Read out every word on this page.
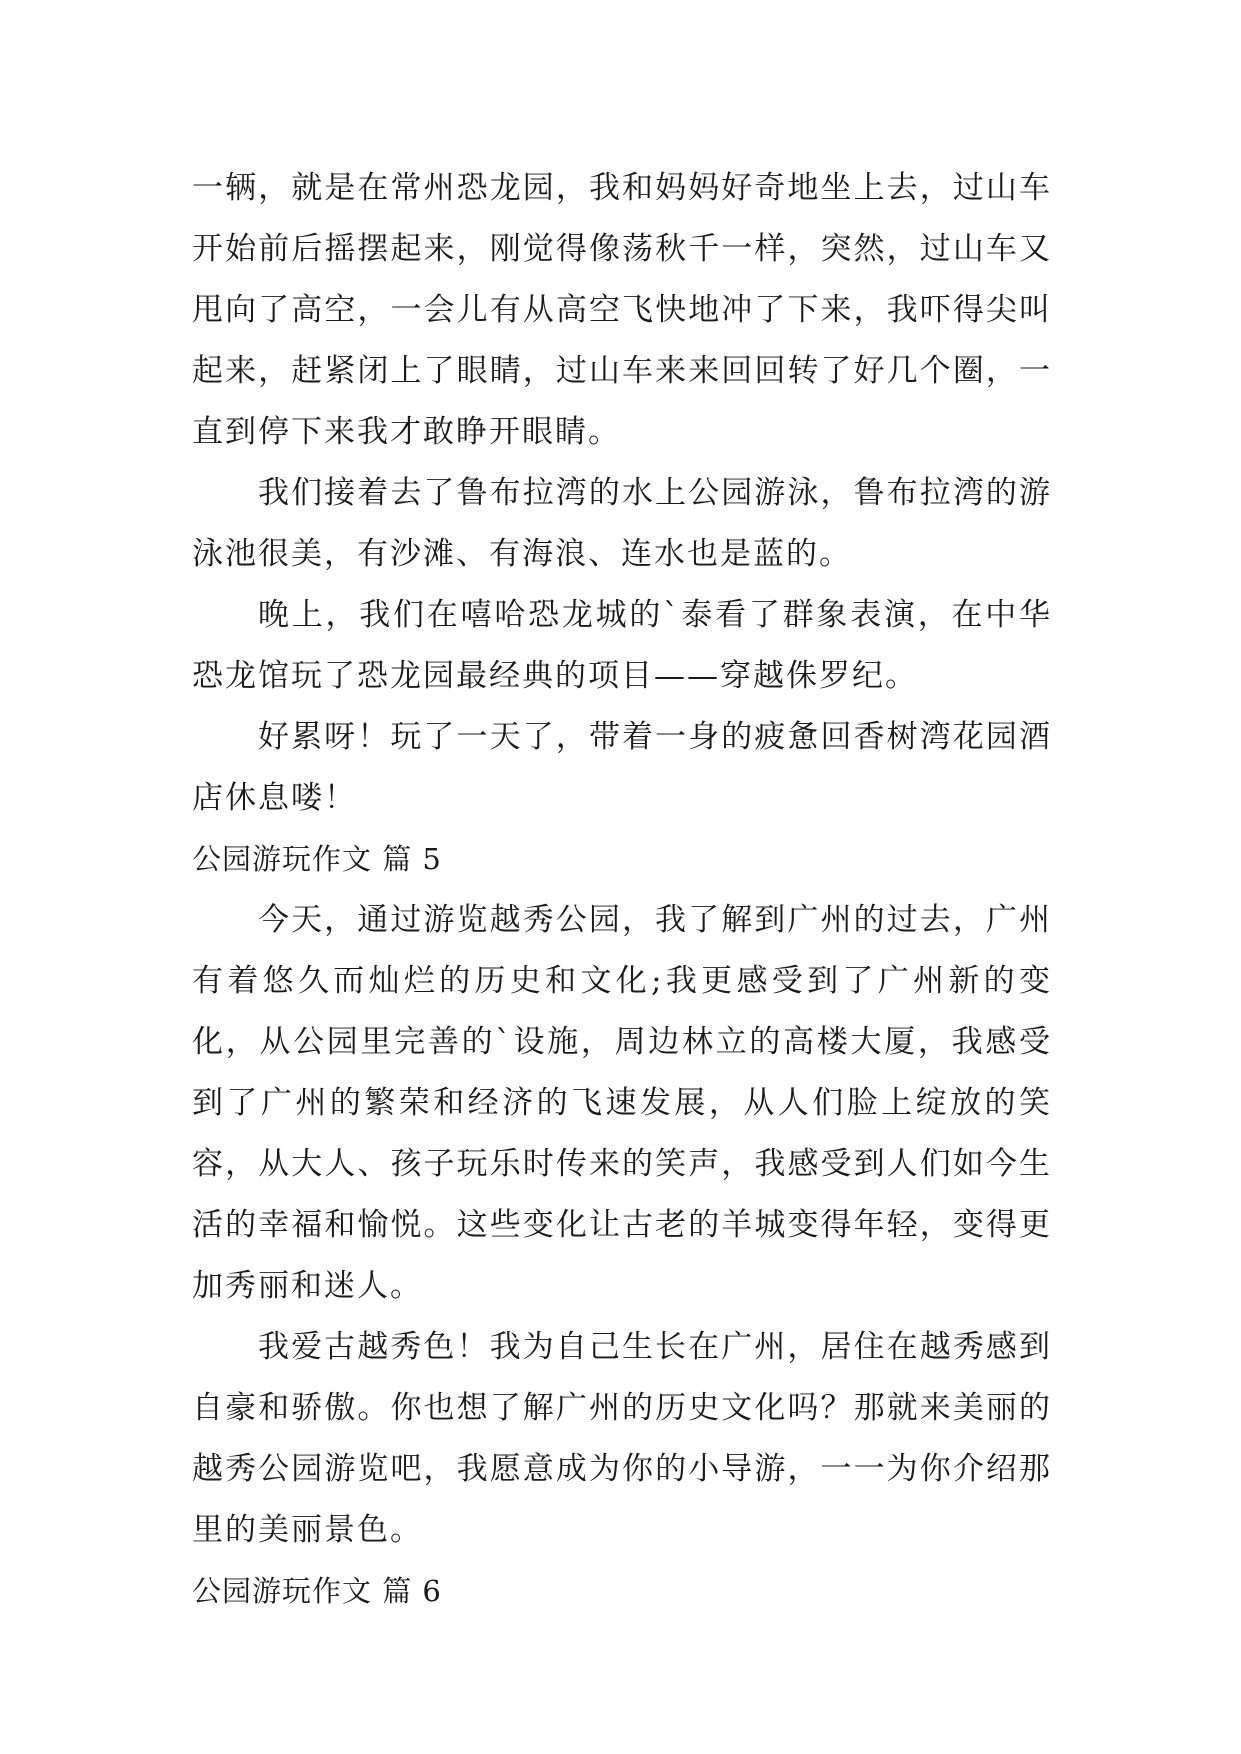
一辆，就是在常州恐龙园，我和妈妈好奇地坐上去，过山车开始前后摇摆起来，刚觉得像荡秋千一样，突然，过山车又甩向了高空，一会儿有从高空飞快地冲了下来，我吓得尖叫起来，赶紧闭上了眼睛，过山车来来回回转了好几个圈，一直到停下来我才敢睁开眼睛。

我们接着去了鲁布拉湾的水上公园游泳，鲁布拉湾的游泳池很美，有沙滩、有海浪、连水也是蓝的。

晚上，我们在嘻哈恐龙城的`泰看了群象表演，在中华恐龙馆玩了恐龙园最经典的项目——穿越侏罗纪。

好累呀！玩了一天了，带着一身的疲惫回香树湾花园酒店休息喽！

公园游玩作文 篇 5

今天，通过游览越秀公园，我了解到广州的过去，广州有着悠久而灿烂的历史和文化;我更感受到了广州新的变化，从公园里完善的`设施，周边林立的高楼大厦，我感受到了广州的繁荣和经济的飞速发展，从人们脸上绽放的笑容，从大人、孩子玩乐时传来的笑声，我感受到人们如今生活的幸福和愉悦。这些变化让古老的羊城变得年轻，变得更加秀丽和迷人。

我爱古越秀色！我为自己生长在广州，居住在越秀感到自豪和骄傲。你也想了解广州的历史文化吗？那就来美丽的越秀公园游览吧，我愿意成为你的小导游，一一为你介绍那里的美丽景色。

公园游玩作文 篇 6
